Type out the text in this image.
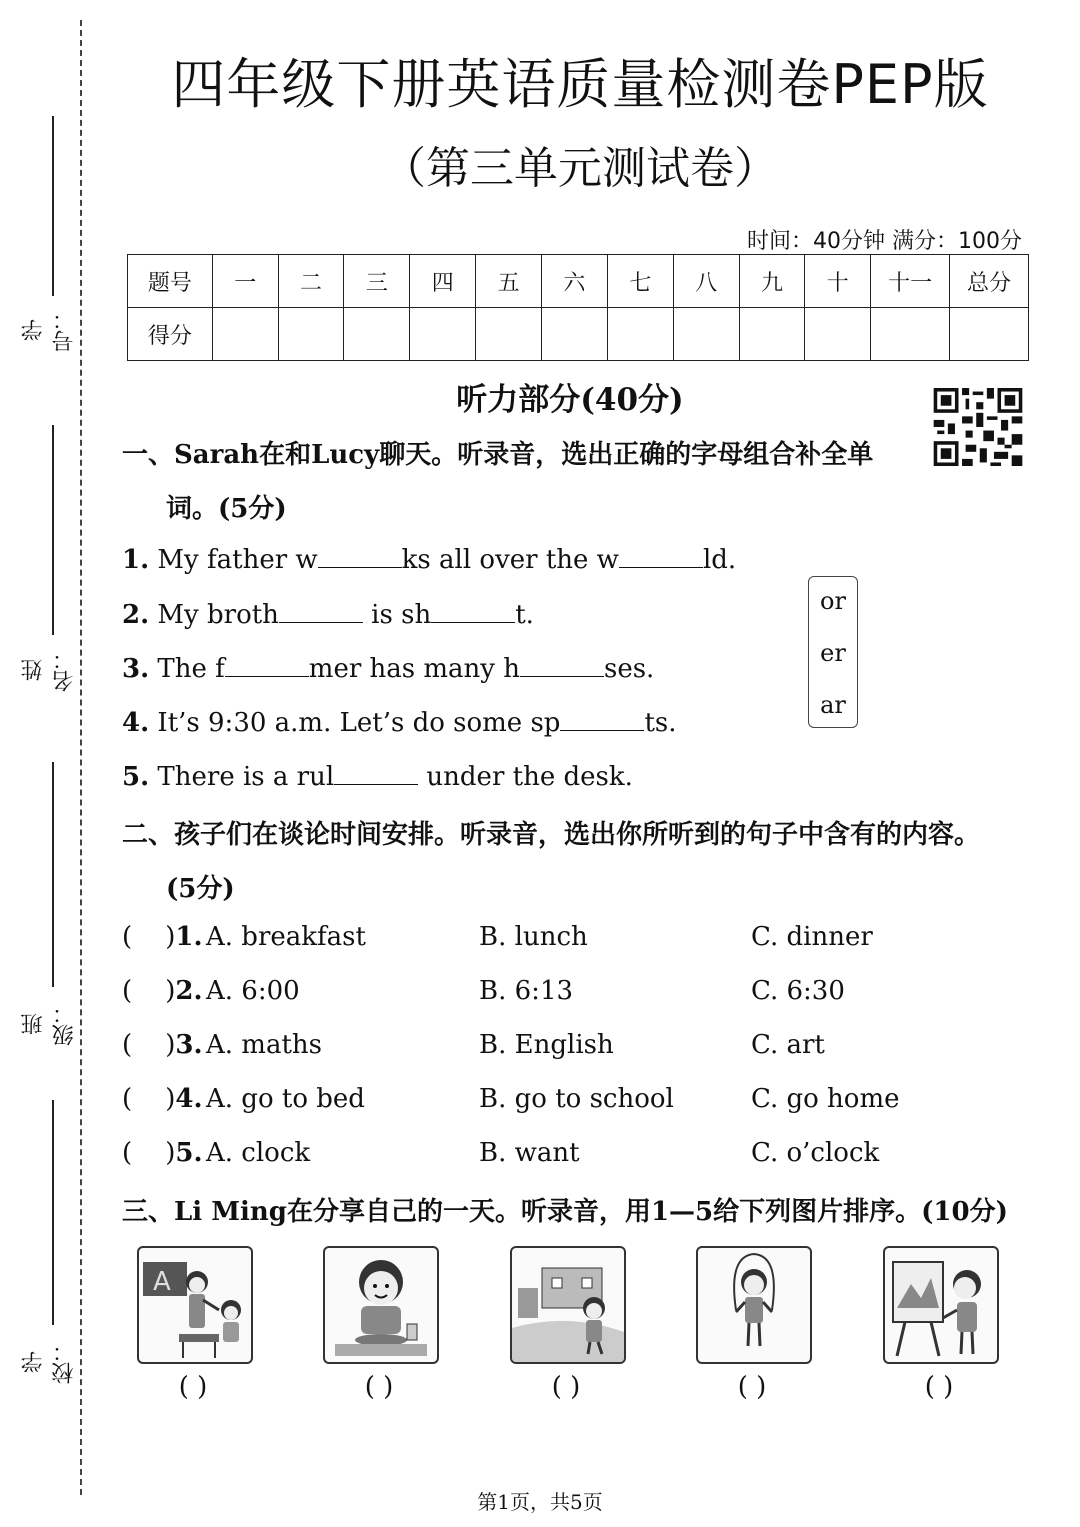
学号：
姓名：
班级：
学校：
四年级下册英语质量检测卷PEP版
（第三单元测试卷）
时间：40分钟 满分：100分
题号	一	二	三	四	五	六	七	八	九	十	十一	总分
得分												
听力部分(40分)
一、Sarah在和Lucy聊天。听录音，选出正确的字母组合补全单
词。(5分)
1. My father w	ks all over the w	ld.
2. My broth	is sh	t.
3. The f	mer has many h	ses.
4. It’s 9:30 a.m. Let’s do some sp	ts.
5. There is a rul	under the desk.
or
er
ar
二、孩子们在谈论时间安排。听录音，选出你所听到的句子中含有的内容。
(5分)
(    )1. A. breakfast	B. lunch	C. dinner
(    )2. A. 6:00	B. 6:13	C. 6:30
(    )3. A. maths	B. English	C. art
(    )4. A. go to bed	B. go to school	C. go home
(    )5. A. clock	B. want	C. o’clock
三、Li Ming在分享自己的一天。听录音，用1—5给下列图片排序。(10分)
A
( )	( )	( )	( )	( )
第1页，共5页
